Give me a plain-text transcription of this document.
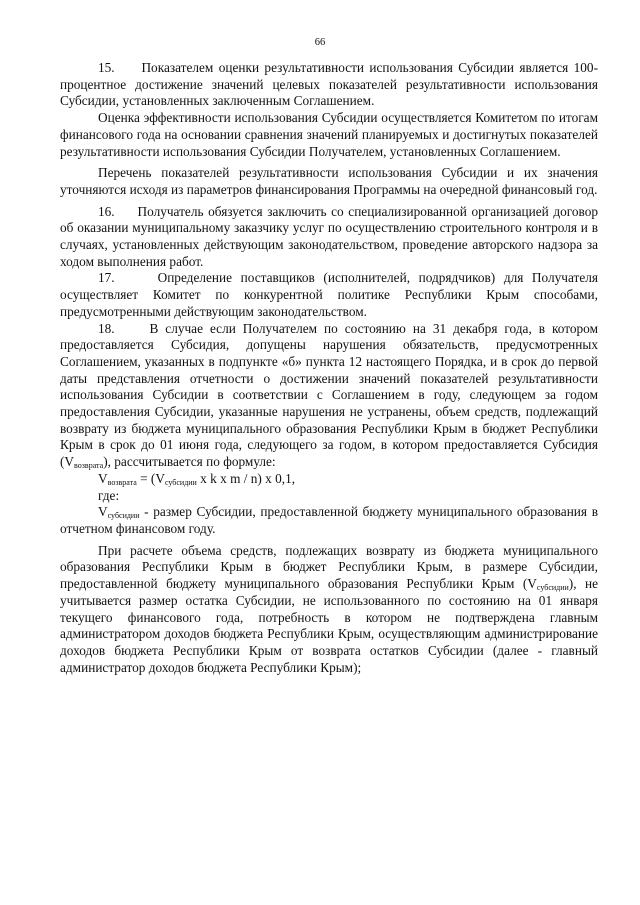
66

15.     Показателем оценки результативности использования Субсидии является 100-процентное достижение значений целевых показателей результативности использования Субсидии, установленных заключенным Соглашением.

Оценка эффективности использования Субсидии осуществляется Комитетом по итогам финансового года на основании сравнения значений планируемых и достигнутых показателей результативности использования Субсидии Получателем, установленных Соглашением.

Перечень показателей результативности использования Субсидии и их значения уточняются исходя из параметров финансирования Программы на очередной финансовый год.

16.     Получатель обязуется заключить со специализированной организацией договор об оказании муниципальному заказчику услуг по осуществлению строительного контроля и в случаях, установленных действующим законодательством, проведение авторского надзора за ходом выполнения работ.

17.     Определение поставщиков (исполнителей, подрядчиков) для Получателя осуществляет Комитет по конкурентной политике Республики Крым способами, предусмотренными действующим законодательством.

18.     В случае если Получателем по состоянию на 31 декабря года, в котором предоставляется Субсидия, допущены нарушения обязательств, предусмотренных Соглашением, указанных в подпункте «б» пункта 12 настоящего Порядка, и в срок до первой даты представления отчетности о достижении значений показателей результативности использования Субсидии в соответствии с Соглашением в году, следующем за годом предоставления Субсидии, указанные нарушения не устранены, объем средств, подлежащий возврату из бюджета муниципального образования Республики Крым в бюджет Республики Крым в срок до 01 июня года, следующего за годом, в котором предоставляется Субсидия $(V_{возврата})$, рассчитывается по формуле:

$V_{возврата} = (V_{субсидии}$ х k х m / n) х 0,1,

где:

$V_{субсидии}$ - размер Субсидии, предоставленной бюджету муниципального образования в отчетном финансовом году.

При расчете объема средств, подлежащих возврату из бюджета муниципального образования Республики Крым в бюджет Республики Крым, в размере Субсидии, предоставленной бюджету муниципального образования Республики Крым $(V_{субсидии})$, не учитывается размер остатка Субсидии, не использованного по состоянию на 01 января текущего финансового года, потребность в котором не подтверждена главным администратором доходов бюджета Республики Крым, осуществляющим администрирование доходов бюджета Республики Крым от возврата остатков Субсидии (далее - главный администратор доходов бюджета Республики Крым);
